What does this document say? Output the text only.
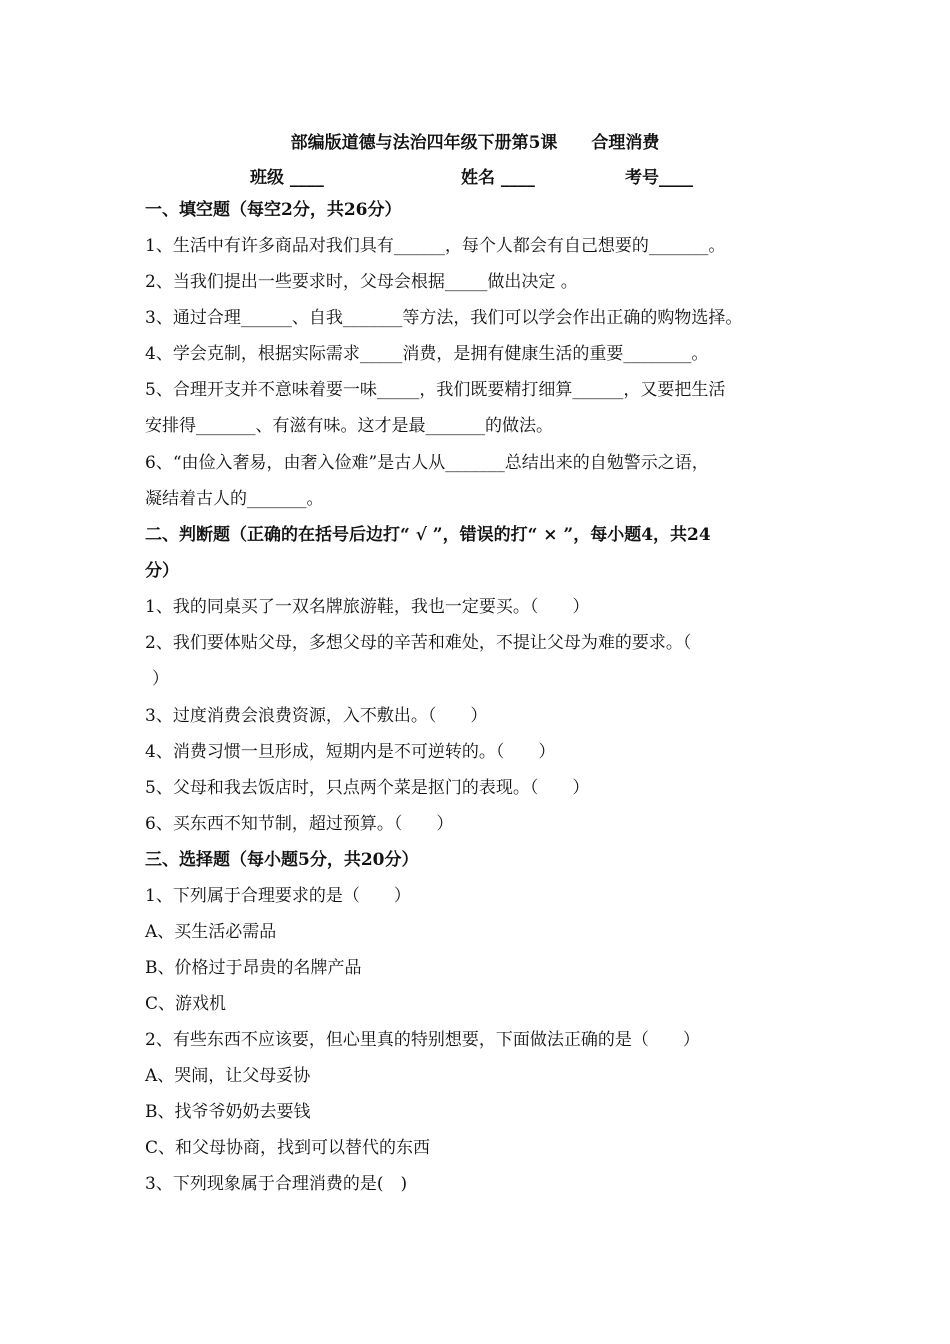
部编版道德与法治四年级下册第5课　　合理消费
班级 ____	姓名 ____	考号____
一、填空题（每空2分，共26分）
1、生活中有许多商品对我们具有______，每个人都会有自己想要的_______。
2、当我们提出一些要求时，父母会根据_____做出决定 。
3、通过合理______、自我_______等方法，我们可以学会作出正确的购物选择。
4、学会克制，根据实际需求_____消费，是拥有健康生活的重要________。
5、合理开支并不意味着要一味_____，我们既要精打细算______，又要把生活
安排得_______、有滋有味。这才是最_______的做法。
6、“由俭入奢易，由奢入俭难”是古人从_______总结出来的自勉警示之语，
凝结着古人的_______。
二、判断题（正确的在括号后边打“ √ ”，错误的打“ × ”，每小题4，共24
分）
1、我的同桌买了一双名牌旅游鞋，我也一定要买。（　　）
2、我们要体贴父母，多想父母的辛苦和难处，不提让父母为难的要求。（
）
3、过度消费会浪费资源，入不敷出。（　　）
4、消费习惯一旦形成，短期内是不可逆转的。（　　）
5、父母和我去饭店时，只点两个菜是抠门的表现。（　　）
6、买东西不知节制，超过预算。（　　）
三、选择题（每小题5分，共20分）
1、下列属于合理要求的是（　　）
A、买生活必需品
B、价格过于昂贵的名牌产品
C、游戏机
2、有些东西不应该要，但心里真的特别想要，下面做法正确的是（　　）
A、哭闹，让父母妥协
B、找爷爷奶奶去要钱
C、和父母协商，找到可以替代的东西
3、下列现象属于合理消费的是(　)
